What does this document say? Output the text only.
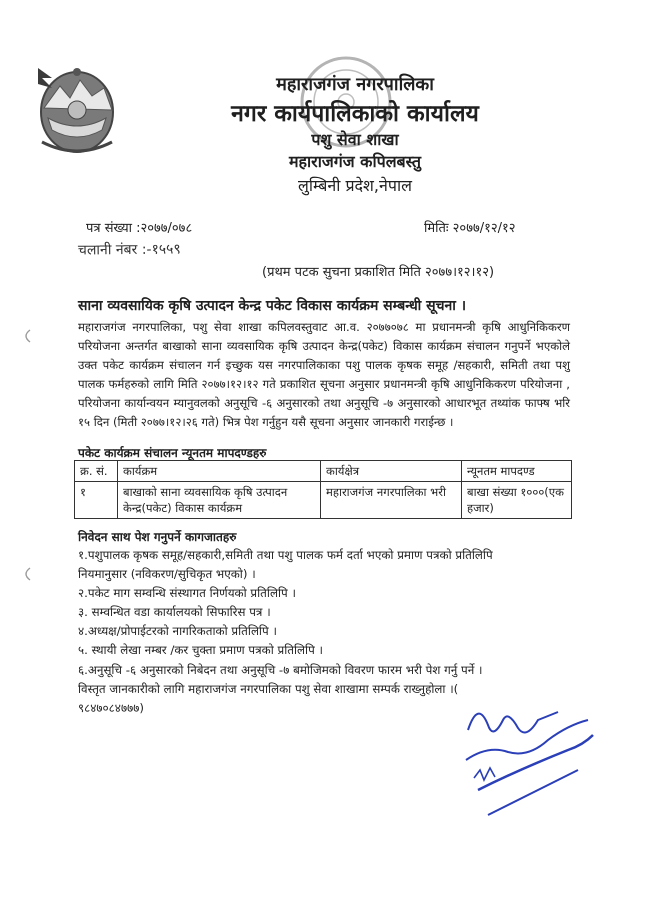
महाराजगंज नगरपालिका
नगर कार्यपालिकाको कार्यालय
पशु सेवा शाखा
महाराजगंज कपिलबस्तु
लुम्बिनी प्रदेश,नेपाल
पत्र संख्या :२०७७/०७८	मितिः २०७७/१२/१२
चलानी नंबर :-१५५९
(प्रथम पटक सुचना प्रकाशित मिति २०७७।१२।१२)
साना व्यवसायिक कृषि उत्पादन केन्द्र पकेट विकास कार्यक्रम सम्बन्धी सूचना ।
महाराजगंज नगरपालिका, पशु सेवा शाखा कपिलवस्तुवाट आ.व. २०७७०७८ मा प्रधानमन्त्री कृषि आधुनिकिकरण परियोजना अन्तर्गत बाखाको साना व्यवसायिक कृषि उत्पादन केन्द्र(पकेट) विकास कार्यक्रम संचालन गनुपर्ने भएकोले उक्त पकेट कार्यक्रम संचालन गर्न इच्छुक यस नगरपालिकाका पशु पालक कृषक समूह /सहकारी, समिती तथा पशु पालक फर्महरुको लागि मिति २०७७।१२।१२ गते प्रकाशित सूचना अनुसार प्रधानमन्त्री कृषि आधुनिकिकरण परियोजना , परियोजना कार्यान्वयन म्यानुवलको अनुसूचि -६ अनुसारको तथा अनुसूचि -७ अनुसारको आधारभूत तथ्यांक फाफ्ष भरि १५ दिन (मिती २०७७।१२।२६ गते) भित्र पेश गर्नुहुन यसै सूचना अनुसार जानकारी गराईन्छ ।
पकेट कार्यक्रम संचालन न्यूनतम मापदण्डहरु
क्र. सं.	कार्यक्रम	कार्यक्षेत्र	न्यूनतम मापदण्ड
१	बाखाको साना व्यवसायिक कृषि उत्पादन केन्द्र(पकेट) विकास कार्यक्रम	महाराजगंज नगरपालिका भरी	बाखा संख्या १०००(एक हजार)
निवेदन साथ पेश गनुपर्ने कागजातहरु
१.पशुपालक कृषक समूह/सहकारी,समिती तथा पशु पालक फर्म दर्ता भएको प्रमाण पत्रको प्रतिलिपि
नियमानुसार (नविकरण/सुचिकृत भएको) ।
२.पकेट माग सम्वन्धि संस्थागत निर्णयको प्रतिलिपि ।
३. सम्वन्धित वडा कार्यालयको सिफारिस पत्र ।
४.अध्यक्ष/प्रोपाईटरको नागरिकताको प्रतिलिपि ।
५. स्थायी लेखा नम्बर /कर चुक्ता प्रमाण पत्रको प्रतिलिपि ।
६.अनुसूचि -६ अनुसारको निबेदन तथा अनुसूचि -७ बमोजिमको विवरण फारम भरी पेश गर्नु पर्ने ।
विस्तृत जानकारीको लागि महाराजगंज नगरपालिका पशु सेवा शाखामा सम्पर्क राख्नुहोला ।(
९८४७०८४७७७)
